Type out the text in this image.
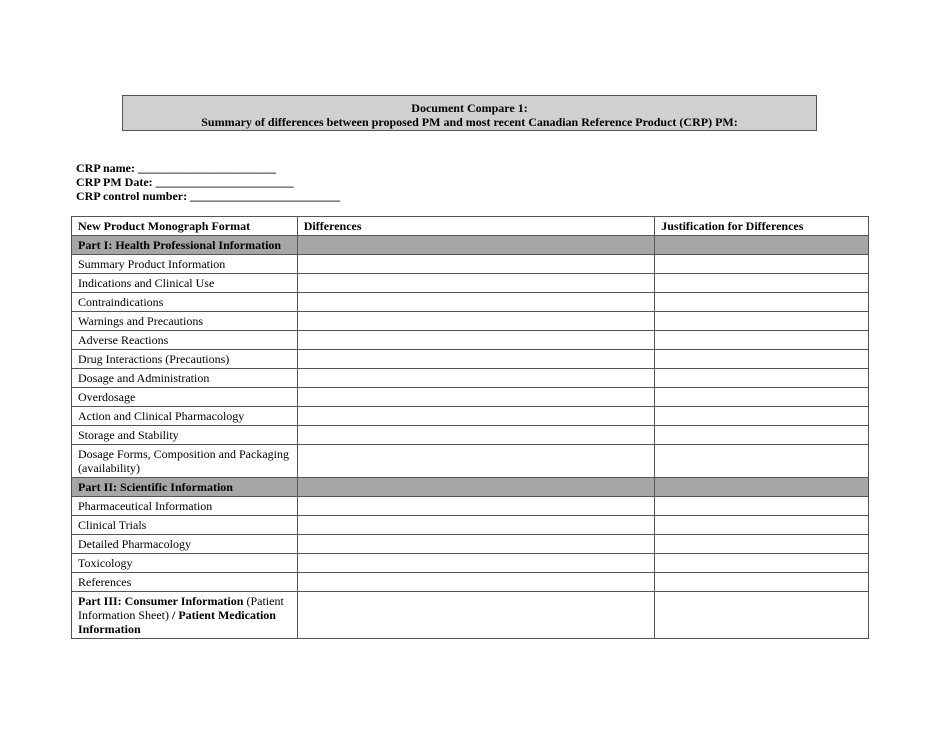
Document Compare 1:
Summary of differences between proposed PM and most recent Canadian Reference Product (CRP) PM:
CRP name: _______________________
CRP PM Date: _______________________
CRP control number: _________________________
New Product Monograph Format	Differences	Justification for Differences
Part I: Health Professional Information		
Summary Product Information		
Indications and Clinical Use		
Contraindications		
Warnings and Precautions		
Adverse Reactions		
Drug Interactions (Precautions)		
Dosage and Administration		
Overdosage		
Action and Clinical Pharmacology		
Storage and Stability		
Dosage Forms, Composition and Packaging (availability)		
Part II: Scientific Information		
Pharmaceutical Information		
Clinical Trials		
Detailed Pharmacology		
Toxicology		
References		
Part III: Consumer Information (Patient Information Sheet) / Patient Medication Information		
